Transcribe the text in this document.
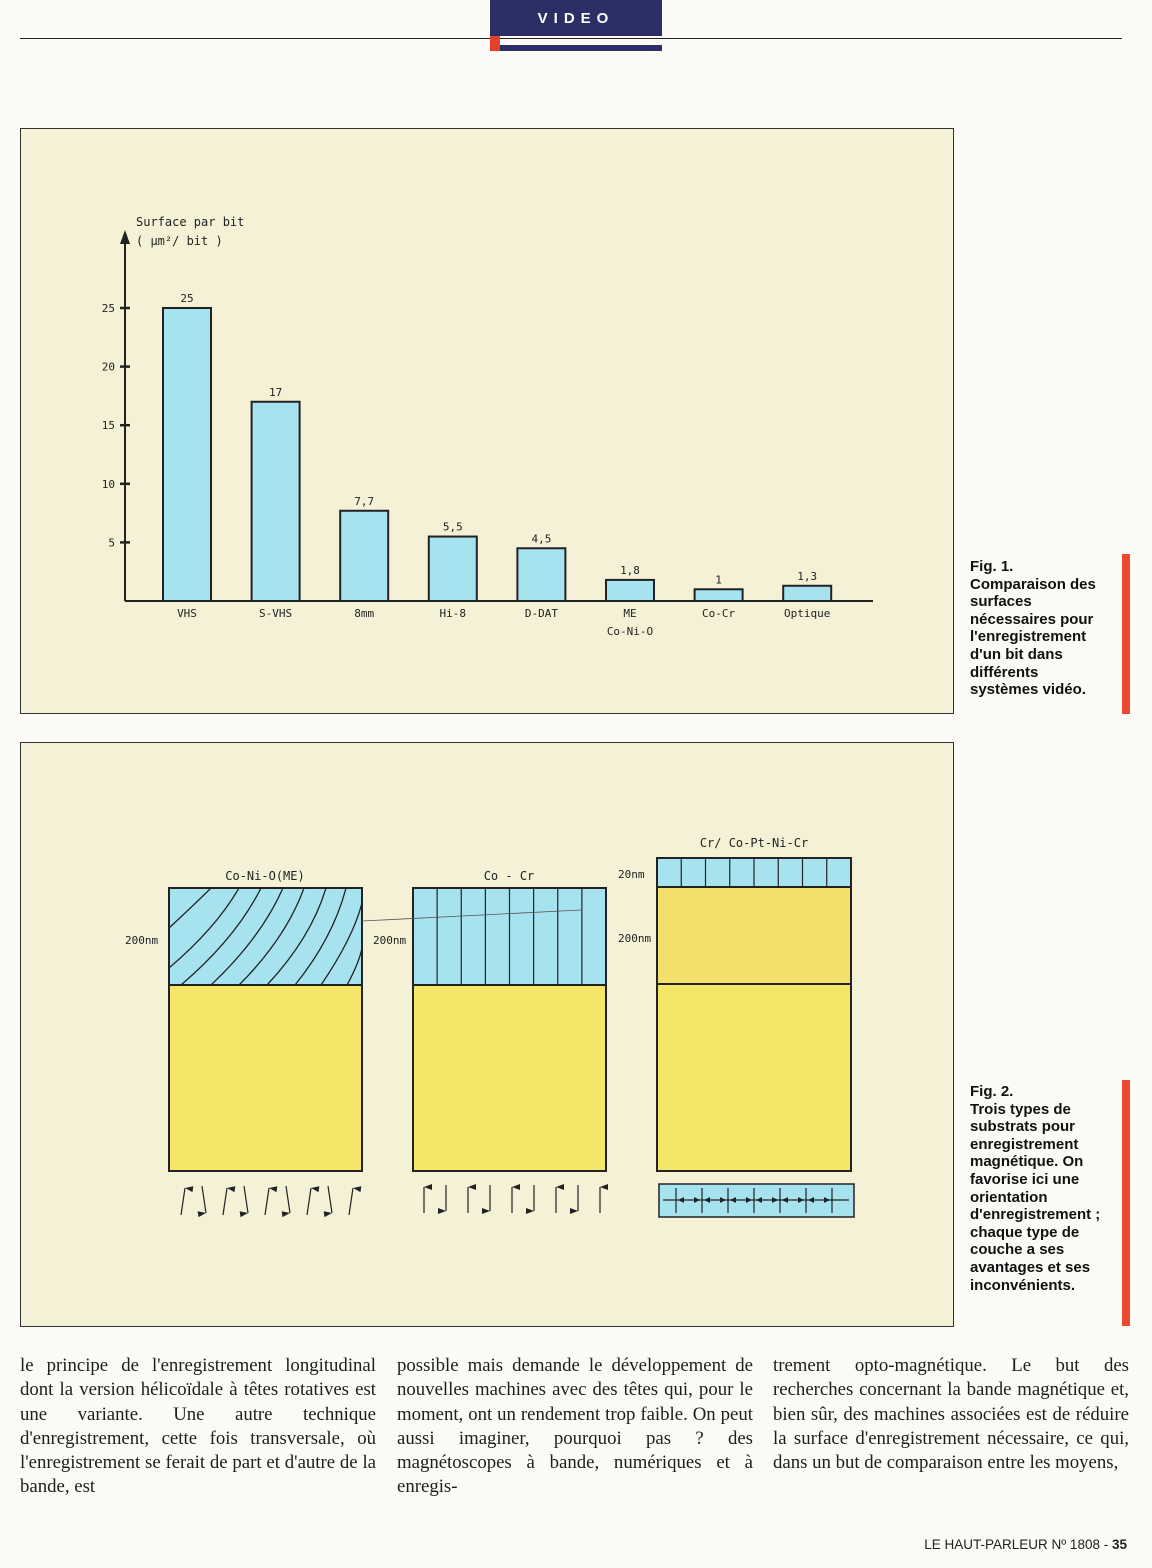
VIDEO
Surface par bit
( µm²/ bit )
5
10
15
20
25
25
VHS
17
S-VHS
7,7
8mm
5,5
Hi-8
4,5
D-DAT
1,8
ME
Co-Ni-O
1
Co-Cr
1,3
Optique
Fig. 1.
Comparaison des surfaces nécessaires pour l'enregistrement d'un bit dans différents systèmes vidéo.
Co-Ni-O(ME)
200nm
Co - Cr
200nm
Cr/ Co-Pt-Ni-Cr
20nm
200nm
Fig. 2.
Trois types de substrats pour enregistrement magnétique. On favorise ici une orientation d'enregistrement ; chaque type de couche a ses avantages et ses inconvénients.
le principe de l'enregistrement longitudinal dont la version hélicoïdale à têtes rotatives est une variante. Une autre technique d'enregistrement, cette fois transversale, où l'enregistrement se ferait de part et d'autre de la bande, est
possible mais demande le développement de nouvelles machines avec des têtes qui, pour le moment, ont un rendement trop faible. On peut aussi imaginer, pourquoi pas ? des magnétoscopes à bande, numériques et à enregis-
trement opto-magnétique. Le but des recherches concernant la bande magnétique et, bien sûr, des machines associées est de réduire la surface d'enregistrement nécessaire, ce qui, dans un but de comparaison entre les moyens,
LE HAUT-PARLEUR Nº 1808 - 35
